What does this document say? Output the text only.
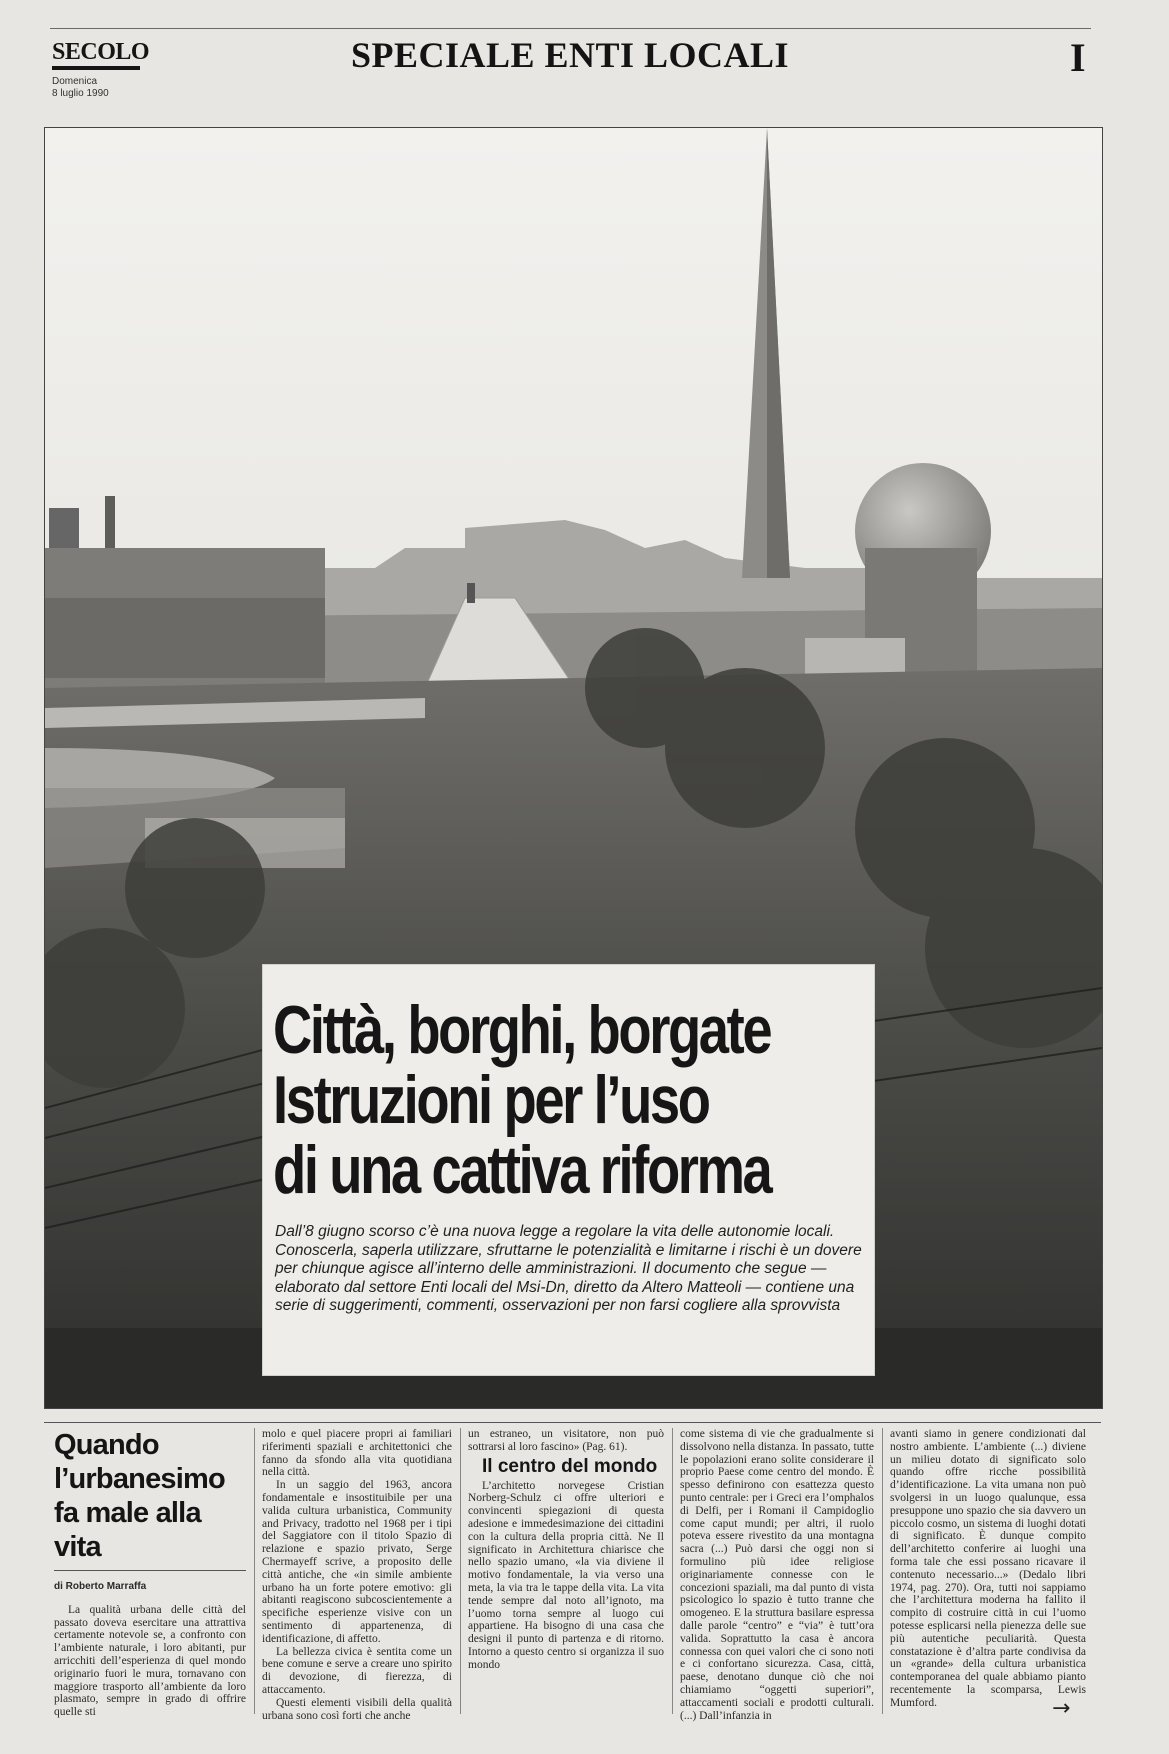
SECOLO
Domenica
8 luglio 1990
SPECIALE ENTI LOCALI	I
Città, borghi, borgate
Istruzioni per l’uso
di una cattiva riforma
Dall’8 giugno scorso c’è una nuova legge a regolare la vita delle autonomie locali. Conoscerla, saperla utilizzare, sfruttarne le potenzialità e limitarne i rischi è un dovere per chiunque agisce all’interno delle amministrazioni. Il documento che segue — elaborato dal settore Enti locali del Msi-Dn, diretto da Altero Matteoli — contiene una serie di suggerimenti, commenti, osservazioni per non farsi cogliere alla sprovvista
Quando l’urbanesimo fa male alla vita

di Roberto Marraffa

La qualità urbana delle città del passato doveva esercitare una attrattiva certamente notevole se, a confronto con l’ambiente naturale, i loro abitanti, pur arricchiti dell’esperienza di quel mondo originario fuori le mura, tornavano con maggiore trasporto all’ambiente da loro plasmato, sempre in grado di offrire quelle sti

molo e quel piacere propri ai familiari riferimenti spaziali e architettonici che fanno da sfondo alla vita quotidiana nella città.

In un saggio del 1963, ancora fondamentale e insostituibile per una valida cultura urbanistica, Community and Privacy, tradotto nel 1968 per i tipi del Saggiatore con il titolo Spazio di relazione e spazio privato, Serge Chermayeff scrive, a proposito delle città antiche, che «in simile ambiente urbano ha un forte potere emotivo: gli abitanti reagiscono subcoscientemente a specifiche esperienze visive con un sentimento di appartenenza, di identificazione, di affetto.

La bellezza civica è sentita come un bene comune e serve a creare uno spirito di devozione, di fierezza, di attaccamento.

Questi elementi visibili della qualità urbana sono così forti che anche

un estraneo, un visitatore, non può sottrarsi al loro fascino» (Pag. 61).

Il centro del mondo

L’architetto norvegese Cristian Norberg-Schulz ci offre ulteriori e convincenti spiegazioni di questa adesione e immedesimazione dei cittadini con la cultura della propria città. Ne Il significato in Architettura chiarisce che nello spazio umano, «la via diviene il motivo fondamentale, la via verso una meta, la via tra le tappe della vita. La vita tende sempre dal noto all’ignoto, ma l’uomo torna sempre al luogo cui appartiene. Ha bisogno di una casa che designi il punto di partenza e di ritorno. Intorno a questo centro si organizza il suo mondo

come sistema di vie che gradualmente si dissolvono nella distanza. In passato, tutte le popolazioni erano solite considerare il proprio Paese come centro del mondo. È spesso definirono con esattezza questo punto centrale: per i Greci era l’omphalos di Delfi, per i Romani il Campidoglio come caput mundi; per altri, il ruolo poteva essere rivestito da una montagna sacra (...) Può darsi che oggi non si formulino più idee religiose originariamente connesse con le concezioni spaziali, ma dal punto di vista psicologico lo spazio è tutto tranne che omogeneo. E la struttura basilare espressa dalle parole “centro” e “via” è tutt’ora valida. Soprattutto la casa è ancora connessa con quei valori che ci sono noti e ci confortano sicurezza. Casa, città, paese, denotano dunque ciò che noi chiamiamo “oggetti superiori”, attaccamenti sociali e prodotti culturali. (...) Dall’infanzia in

avanti siamo in genere condizionati dal nostro ambiente. L’ambiente (...) diviene un milieu dotato di significato solo quando offre ricche possibilità d’identificazione. La vita umana non può svolgersi in un luogo qualunque, essa presuppone uno spazio che sia davvero un piccolo cosmo, un sistema di luoghi dotati di significato. È dunque compito dell’architetto conferire ai luoghi una forma tale che essi possano ricavare il contenuto necessario...» (Dedalo libri 1974, pag. 270). Ora, tutti noi sappiamo che l’architettura moderna ha fallito il compito di costruire città in cui l’uomo potesse esplicarsi nella pienezza delle sue più autentiche peculiarità. Questa constatazione è d’altra parte condivisa da un «grande» della cultura urbanistica contemporanea del quale abbiamo pianto recentemente la scomparsa, Lewis Mumford.	→
